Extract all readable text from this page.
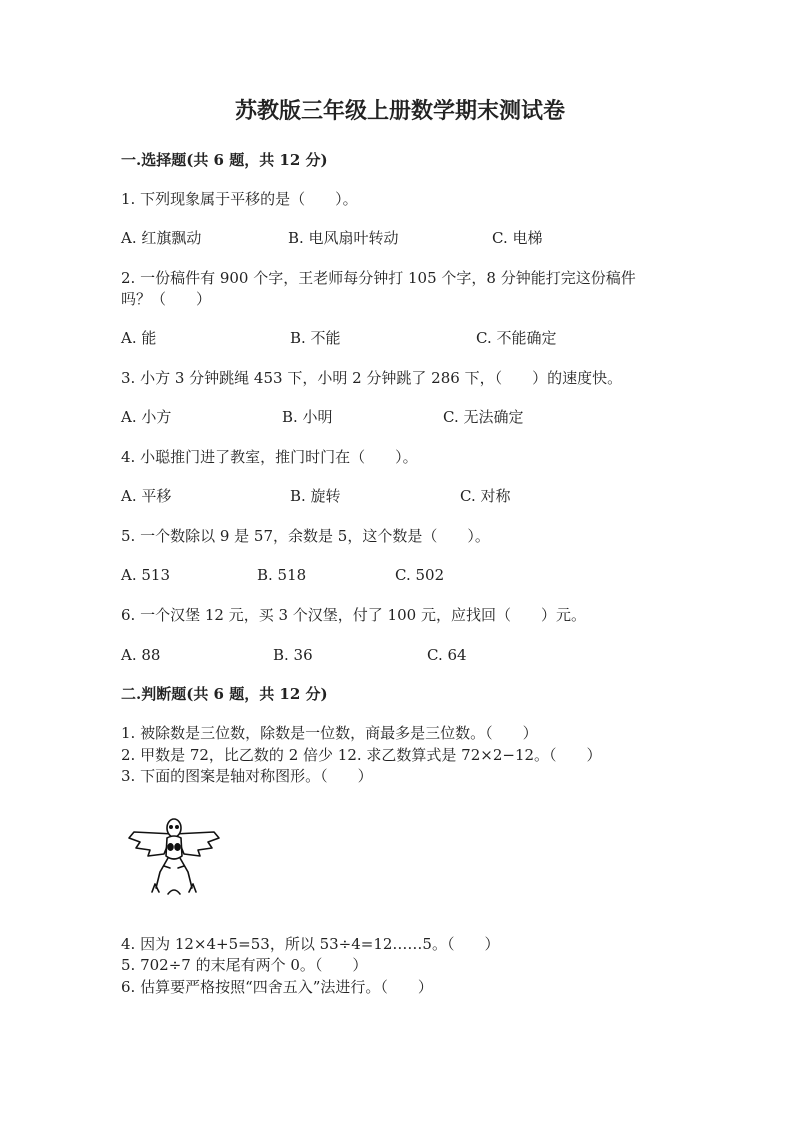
苏教版三年级上册数学期末测试卷
一.选择题(共 6 题，共 12 分)
1. 下列现象属于平移的是（　　）。
A. 红旗飘动	B. 电风扇叶转动	C. 电梯
2. 一份稿件有 900 个字，王老师每分钟打 105 个字，8 分钟能打完这份稿件
吗？（　　）
A. 能	B. 不能	C. 不能确定
3. 小方 3 分钟跳绳 453 下，小明 2 分钟跳了 286 下，（　　）的速度快。
A. 小方	B. 小明	C. 无法确定
4. 小聪推门进了教室，推门时门在（　　）。
A. 平移	B. 旋转	C. 对称
5. 一个数除以 9 是 57，余数是 5，这个数是（　　）。
A. 513	B. 518	C. 502
6. 一个汉堡 12 元，买 3 个汉堡，付了 100 元，应找回（　　）元。
A. 88	B. 36	C. 64
二.判断题(共 6 题，共 12 分)
1. 被除数是三位数，除数是一位数，商最多是三位数。（　　）
2. 甲数是 72，比乙数的 2 倍少 12. 求乙数算式是 72×2−12。（　　）
3. 下面的图案是轴对称图形。（　　）
4. 因为 12×4+5=53，所以 53÷4=12……5。（　　）
5. 702÷7 的末尾有两个 0。（　　）
6. 估算要严格按照“四舍五入”法进行。（　　）
